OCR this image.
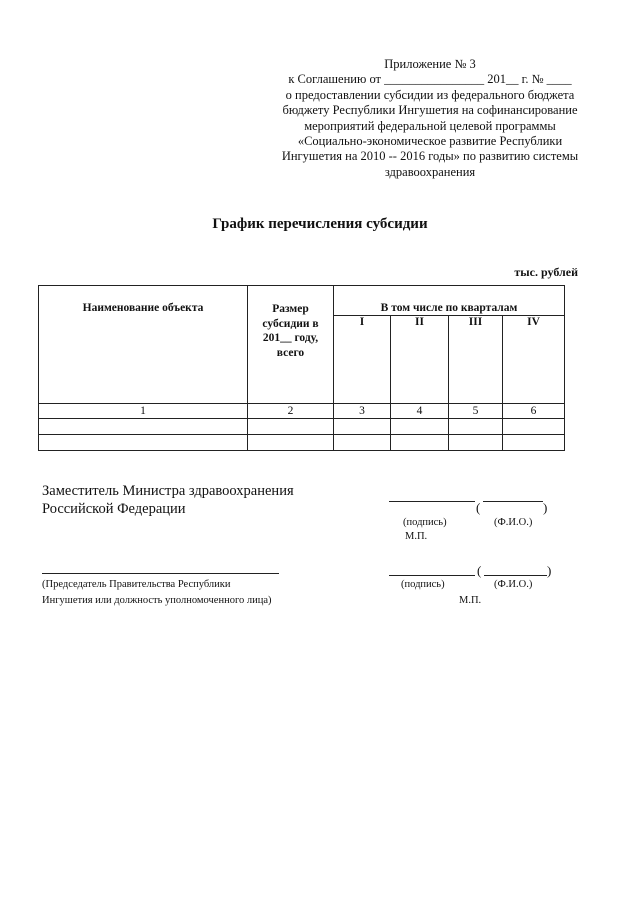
Приложение № 3
к Соглашению от ________________ 201__ г. № ____
о предоставлении субсидии из федерального бюджета
бюджету Республики Ингушетия на софинансирование
мероприятий федеральной целевой программы
«Социально-экономическое развитие Республики
Ингушетия на 2010 -- 2016 годы» по развитию системы
здравоохранения
График перечисления субсидии
тыс. рублей
Наименование объекта	Размер субсидии в 201__ году, всего	В том числе по кварталам			
		I	II	III	IV
1	2	3	4	5	6

Заместитель Министра здравоохранения
Российской Федерации	(	)
(подпись)	(Ф.И.О.)
М.П.
(Председатель Правительства Республики
Ингушетия или должность уполномоченного лица)
(	)
(подпись)	(Ф.И.О.)
М.П.
